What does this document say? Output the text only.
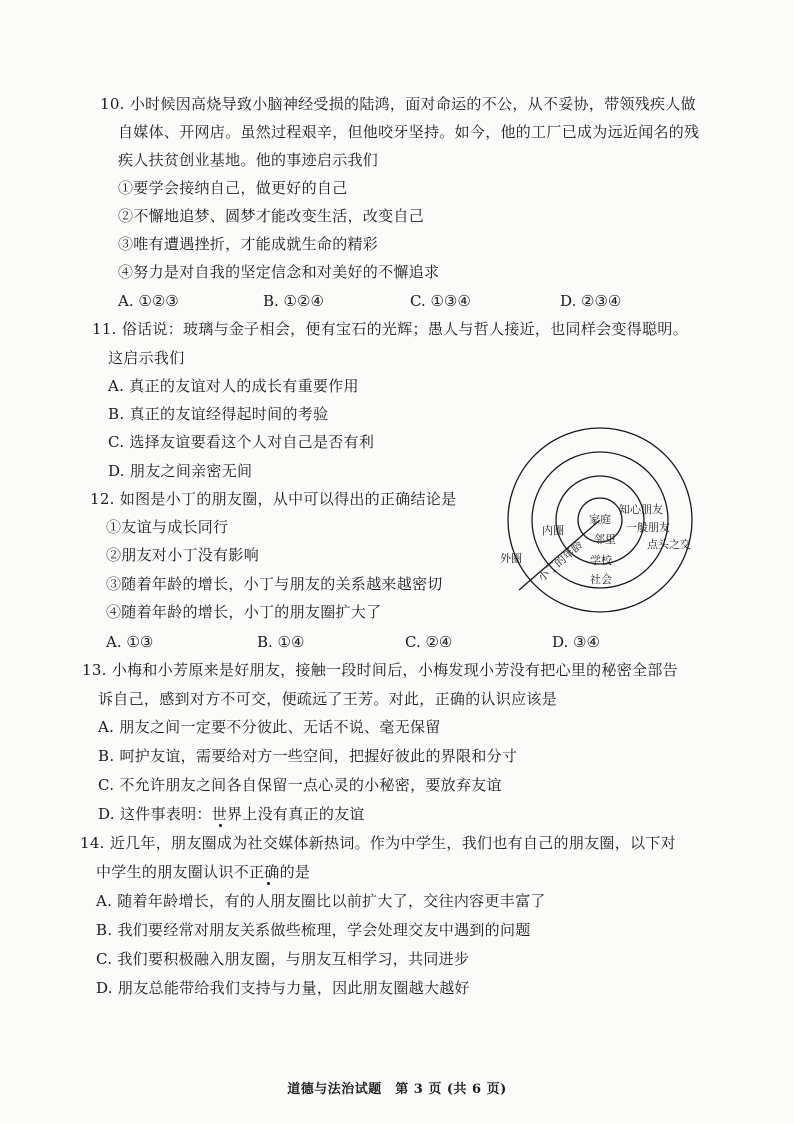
10. 小时候因高烧导致小脑神经受损的陆鸿，面对命运的不公，从不妥协，带领残疾人做
自媒体、开网店。虽然过程艰辛，但他咬牙坚持。如今，他的工厂已成为远近闻名的残
疾人扶贫创业基地。他的事迹启示我们
①要学会接纳自己，做更好的自己
②不懈地追梦、圆梦才能改变生活，改变自己
③唯有遭遇挫折，才能成就生命的精彩
④努力是对自我的坚定信念和对美好的不懈追求
A. ①②③	B. ①②④	C. ①③④	D. ②③④
11. 俗话说：玻璃与金子相会，便有宝石的光辉；愚人与哲人接近，也同样会变得聪明。
这启示我们
A. 真正的友谊对人的成长有重要作用
B. 真正的友谊经得起时间的考验
C. 选择友谊要看这个人对自己是否有利
D. 朋友之间亲密无间
12. 如图是小丁的朋友圈，从中可以得出的正确结论是
①友谊与成长同行
②朋友对小丁没有影响
③随着年龄的增长，小丁与朋友的关系越来越密切
④随着年龄的增长，小丁的朋友圈扩大了
A. ①③	B. ①④	C. ②④	D. ③④
家庭
邻里
学校
社会
内圈
外圈 小丁的年龄
知心朋友
一般朋友
点头之交
13. 小梅和小芳原来是好朋友，接触一段时间后，小梅发现小芳没有把心里的秘密全部告
诉自己，感到对方不可交，便疏远了王芳。对此，正确的认识应该是
A. 朋友之间一定要不分彼此、无话不说、毫无保留
B. 呵护友谊，需要给对方一些空间，把握好彼此的界限和分寸
C. 不允许朋友之间各自保留一点心灵的小秘密，要放弃友谊
D. 这件事表明：世界上没有真正的友谊
14. 近几年，朋友圈成为社交媒体新热词。作为中学生，我们也有自己的朋友圈，以下对
中学生的朋友圈认识不正确的是
A. 随着年龄增长，有的人朋友圈比以前扩大了，交往内容更丰富了
B. 我们要经常对朋友关系做些梳理，学会处理交友中遇到的问题
C. 我们要积极融入朋友圈，与朋友互相学习，共同进步
D. 朋友总能带给我们支持与力量，因此朋友圈越大越好
道德与法治试题　第 3 页 (共 6 页)
